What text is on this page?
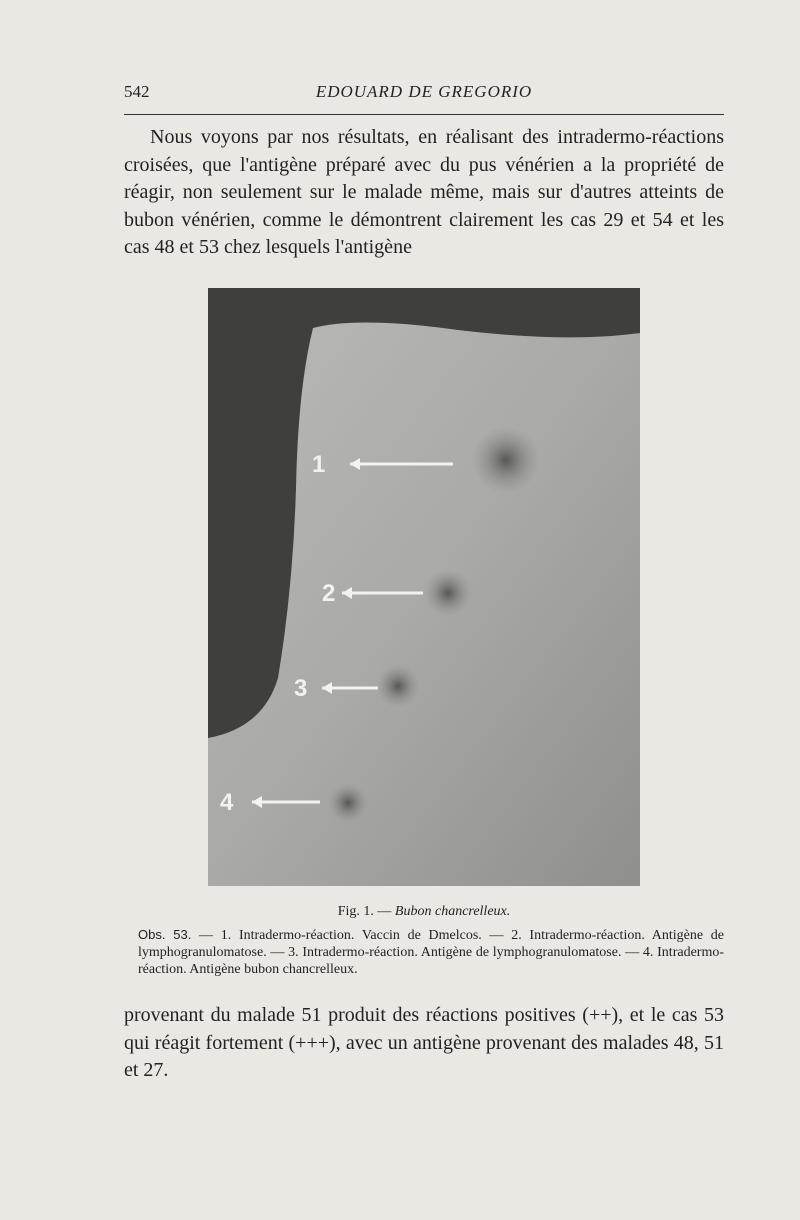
542	EDOUARD DE GREGORIO
Nous voyons par nos résultats, en réalisant des intradermo-réactions croisées, que l'antigène préparé avec du pus vénérien a la propriété de réagir, non seulement sur le malade même, mais sur d'autres atteints de bubon vénérien, comme le démontrent clairement les cas 29 et 54 et les cas 48 et 53 chez lesquels l'antigène
1
2
3
4
Fig. 1. — Bubon chancrelleux.
Obs. 53. — 1. Intradermo-réaction. Vaccin de Dmelcos. — 2. Intradermo-réaction. Antigène de lymphogranulomatose. — 3. Intradermo-réaction. Antigène de lymphogranulomatose. — 4. Intradermo-réaction. Antigène bubon chancrelleux.
provenant du malade 51 produit des réactions positives (++), et le cas 53 qui réagit fortement (+++), avec un antigène provenant des malades 48, 51 et 27.
